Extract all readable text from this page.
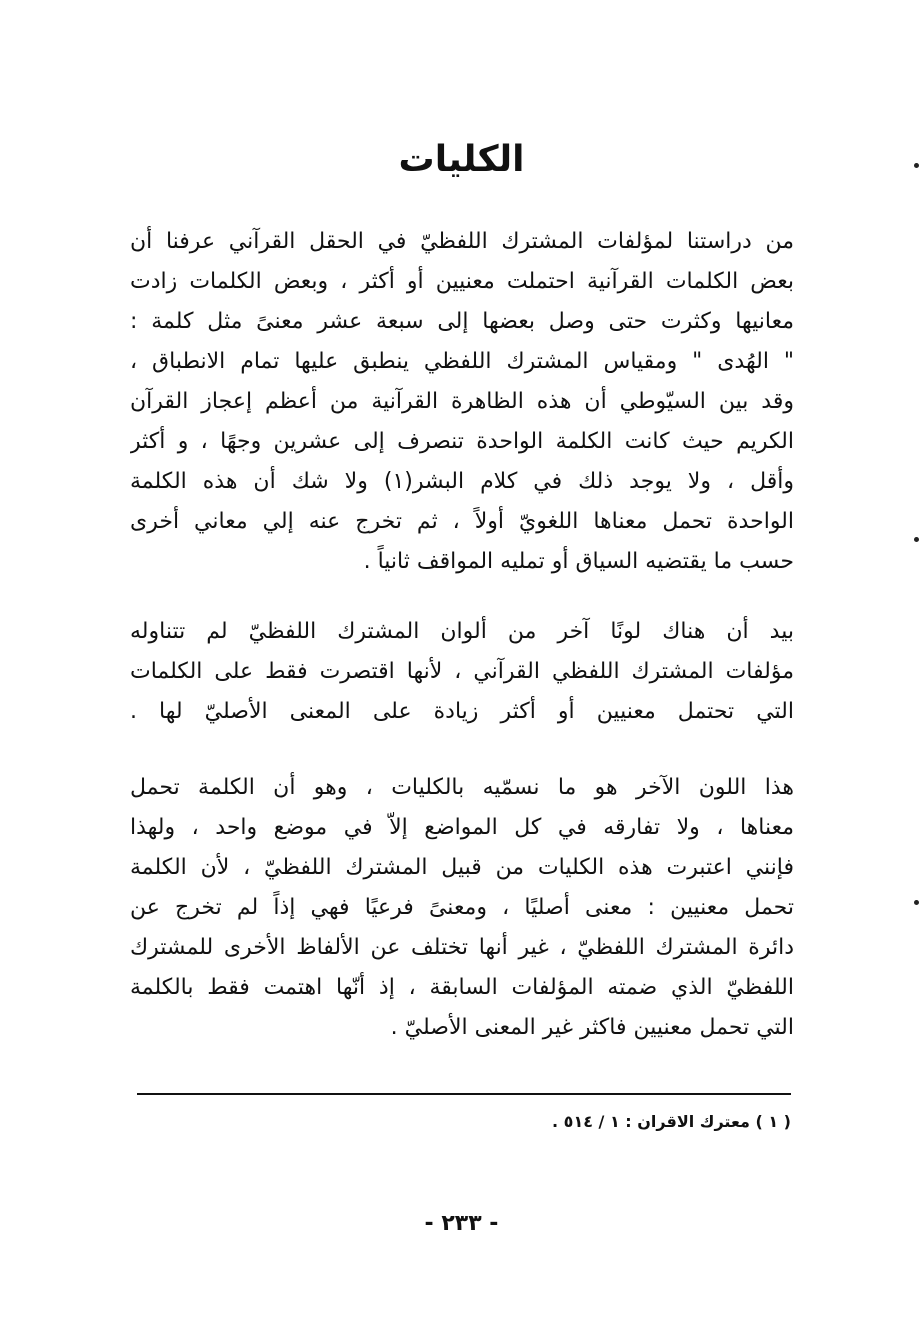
الكليات
من دراستنا لمؤلفات المشترك اللفظيّ في الحقل القرآني عرفنا أن
بعض الكلمات القرآنية احتملت معنيين أو أكثر ، وبعض الكلمات زادت
معانيها وكثرت حتى وصل بعضها إلى سبعة عشر معنىً مثل كلمة :
" الهُدى " ومقياس المشترك اللفظي ينطبق عليها تمام الانطباق ،
وقد بين السيّوطي أن هذه الظاهرة القرآنية من أعظم إعجاز القرآن
الكريم حيث كانت الكلمة الواحدة تنصرف إلى عشرين وجهًا ، و أكثر
وأقل ، ولا يوجد ذلك في كلام البشر(١) ولا شك أن هذه الكلمة
الواحدة تحمل معناها اللغويّ أولاً ، ثم تخرج عنه إلي معاني أخرى
حسب ما يقتضيه السياق أو تمليه المواقف ثانياً .
بيد أن هناك لونًا آخر من ألوان المشترك اللفظيّ لم تتناوله
مؤلفات المشترك اللفظي القرآني ، لأنها اقتصرت فقط على الكلمات
التي تحتمل معنيين أو أكثر زيادة على المعنى الأصليّ لها .
هذا اللون الآخر هو ما نسمّيه بالكليات ، وهو أن الكلمة تحمل
معناها ، ولا تفارقه في كل المواضع إلاّ في موضع واحد ، ولهذا
فإنني اعتبرت هذه الكليات من قبيل المشترك اللفظيّ ، لأن الكلمة
تحمل معنيين : معنى أصليًا ، ومعنىً فرعيًا فهي إذاً لم تخرج عن
دائرة المشترك اللفظيّ ، غير أنها تختلف عن الألفاظ الأخرى للمشترك
اللفظيّ الذي ضمته المؤلفات السابقة ، إذ أنّها اهتمت فقط بالكلمة
التي تحمل معنيين فاكثر غير المعنى الأصليّ .
( ١ ) معترك الاقران : ١ / ٥١٤ .
- ٢٣٣ -
